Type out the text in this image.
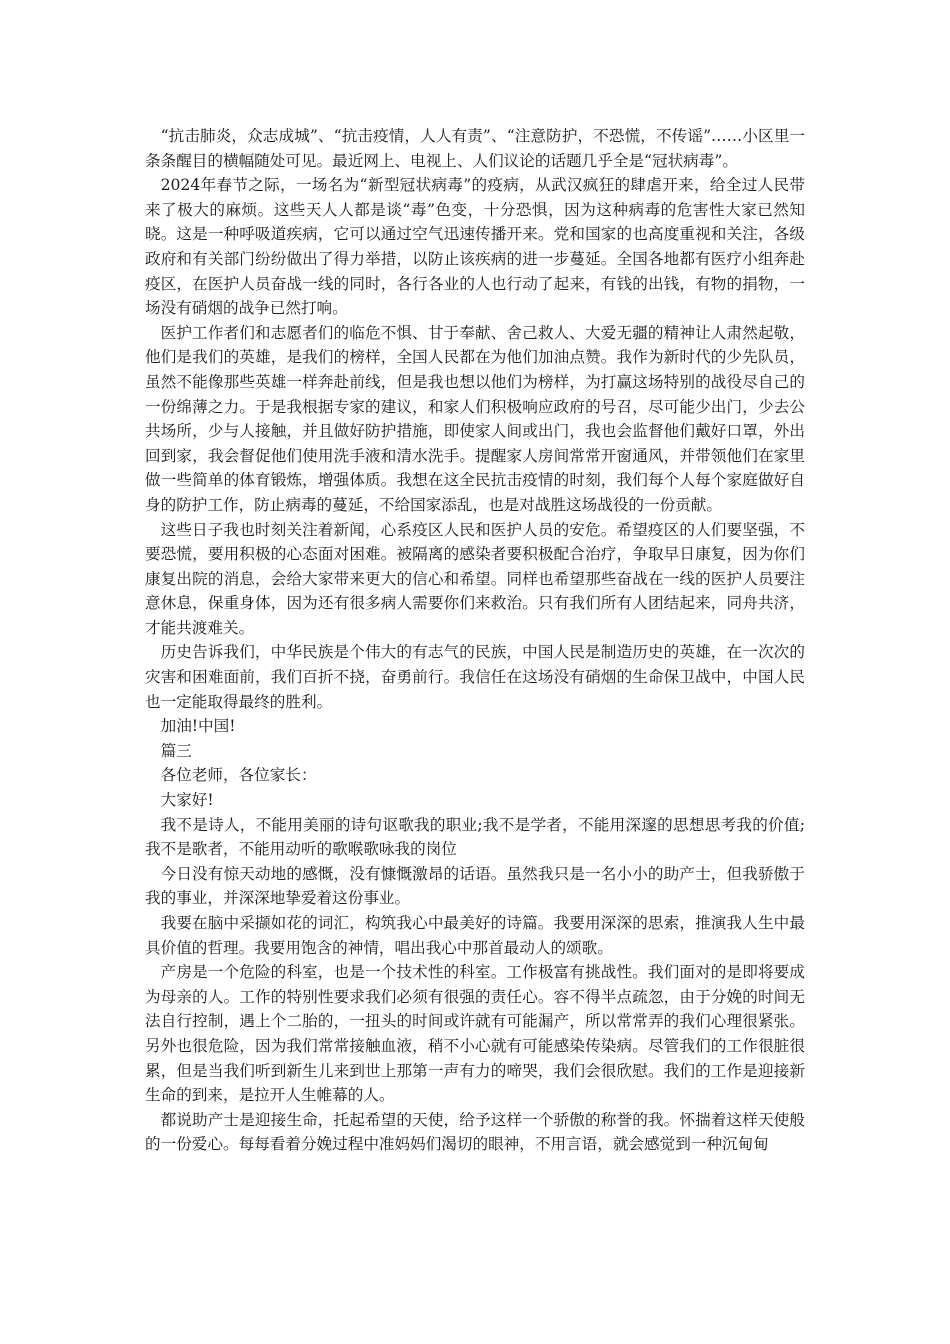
“抗击肺炎，众志成城”、“抗击疫情，人人有责”、“注意防护，不恐慌，不传谣”……小区里一条条醒目的横幅随处可见。最近网上、电视上、人们议论的话题几乎全是“冠状病毒”。

2024年春节之际，一场名为“新型冠状病毒”的疫病，从武汉疯狂的肆虐开来，给全过人民带来了极大的麻烦。这些天人人都是谈“毒”色变，十分恐惧，因为这种病毒的危害性大家已然知晓。这是一种呼吸道疾病，它可以通过空气迅速传播开来。党和国家的也高度重视和关注，各级政府和有关部门纷纷做出了得力举措，以防止该疾病的进一步蔓延。全国各地都有医疗小组奔赴疫区，在医护人员奋战一线的同时，各行各业的人也行动了起来，有钱的出钱，有物的捐物，一场没有硝烟的战争已然打响。

医护工作者们和志愿者们的临危不惧、甘于奉献、舍己救人、大爱无疆的精神让人肃然起敬，他们是我们的英雄，是我们的榜样，全国人民都在为他们加油点赞。我作为新时代的少先队员，虽然不能像那些英雄一样奔赴前线，但是我也想以他们为榜样，为打赢这场特别的战役尽自己的一份绵薄之力。于是我根据专家的建议，和家人们积极响应政府的号召，尽可能少出门，少去公共场所，少与人接触，并且做好防护措施，即使家人间或出门，我也会监督他们戴好口罩，外出回到家，我会督促他们使用洗手液和清水洗手。提醒家人房间常常开窗通风，并带领他们在家里做一些简单的体育锻炼，增强体质。我想在这全民抗击疫情的时刻，我们每个人每个家庭做好自身的防护工作，防止病毒的蔓延，不给国家添乱，也是对战胜这场战役的一份贡献。

这些日子我也时刻关注着新闻，心系疫区人民和医护人员的安危。希望疫区的人们要坚强，不要恐慌，要用积极的心态面对困难。被隔离的感染者要积极配合治疗，争取早日康复，因为你们康复出院的消息，会给大家带来更大的信心和希望。同样也希望那些奋战在一线的医护人员要注意休息，保重身体，因为还有很多病人需要你们来救治。只有我们所有人团结起来，同舟共济，才能共渡难关。

历史告诉我们，中华民族是个伟大的有志气的民族，中国人民是制造历史的英雄，在一次次的灾害和困难面前，我们百折不挠，奋勇前行。我信任在这场没有硝烟的生命保卫战中，中国人民也一定能取得最终的胜利。

加油!中国!

篇三

各位老师，各位家长：

大家好!

我不是诗人，不能用美丽的诗句讴歌我的职业;我不是学者，不能用深邃的思想思考我的价值;我不是歌者，不能用动听的歌喉歌咏我的岗位

今日没有惊天动地的感慨，没有慷慨激昂的话语。虽然我只是一名小小的助产士，但我骄傲于我的事业，并深深地挚爱着这份事业。

我要在脑中采撷如花的词汇，构筑我心中最美好的诗篇。我要用深深的思索，推演我人生中最具价值的哲理。我要用饱含的神情，唱出我心中那首最动人的颂歌。

产房是一个危险的科室，也是一个技术性的科室。工作极富有挑战性。我们面对的是即将要成为母亲的人。工作的特别性要求我们必须有很强的责任心。容不得半点疏忽，由于分娩的时间无法自行控制，遇上个二胎的，一扭头的时间或许就有可能漏产，所以常常弄的我们心理很紧张。另外也很危险，因为我们常常接触血液，稍不小心就有可能感染传染病。尽管我们的工作很脏很累，但是当我们听到新生儿来到世上那第一声有力的啼哭，我们会很欣慰。我们的工作是迎接新生命的到来，是拉开人生帷幕的人。

都说助产士是迎接生命，托起希望的天使，给予这样一个骄傲的称誉的我。怀揣着这样天使般的一份爱心。每每看着分娩过程中准妈妈们渴切的眼神，不用言语，就会感觉到一种沉甸甸
